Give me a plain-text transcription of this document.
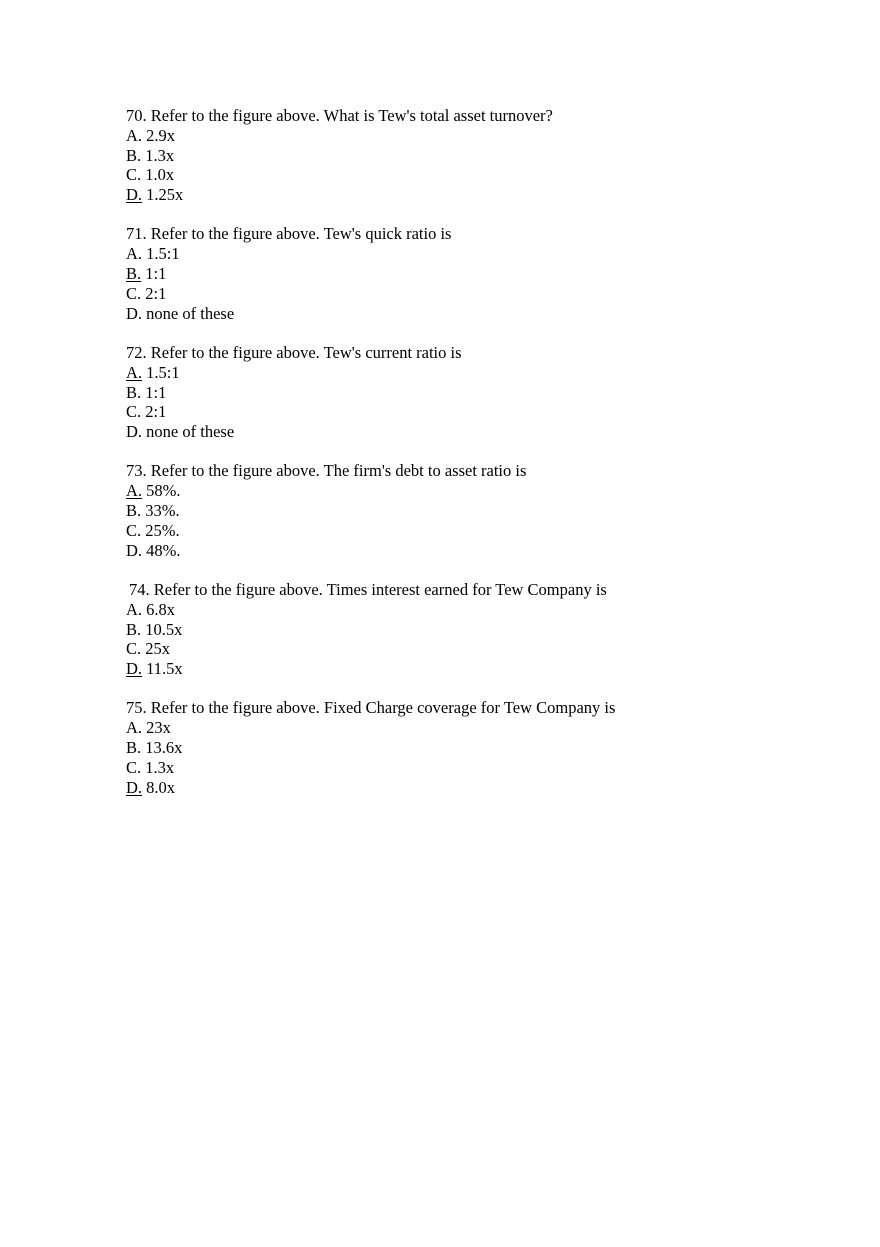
70. Refer to the figure above. What is Tew's total asset turnover?

A. 2.9x

B. 1.3x

C. 1.0x

D. 1.25x

71. Refer to the figure above. Tew's quick ratio is

A. 1.5:1

B. 1:1

C. 2:1

D. none of these

72. Refer to the figure above. Tew's current ratio is

A. 1.5:1

B. 1:1

C. 2:1

D. none of these

73. Refer to the figure above. The firm's debt to asset ratio is

A. 58%.

B. 33%.

C. 25%.

D. 48%.

74. Refer to the figure above. Times interest earned for Tew Company is

A. 6.8x

B. 10.5x

C. 25x

D. 11.5x

75. Refer to the figure above. Fixed Charge coverage for Tew Company is

A. 23x

B. 13.6x

C. 1.3x

D. 8.0x
